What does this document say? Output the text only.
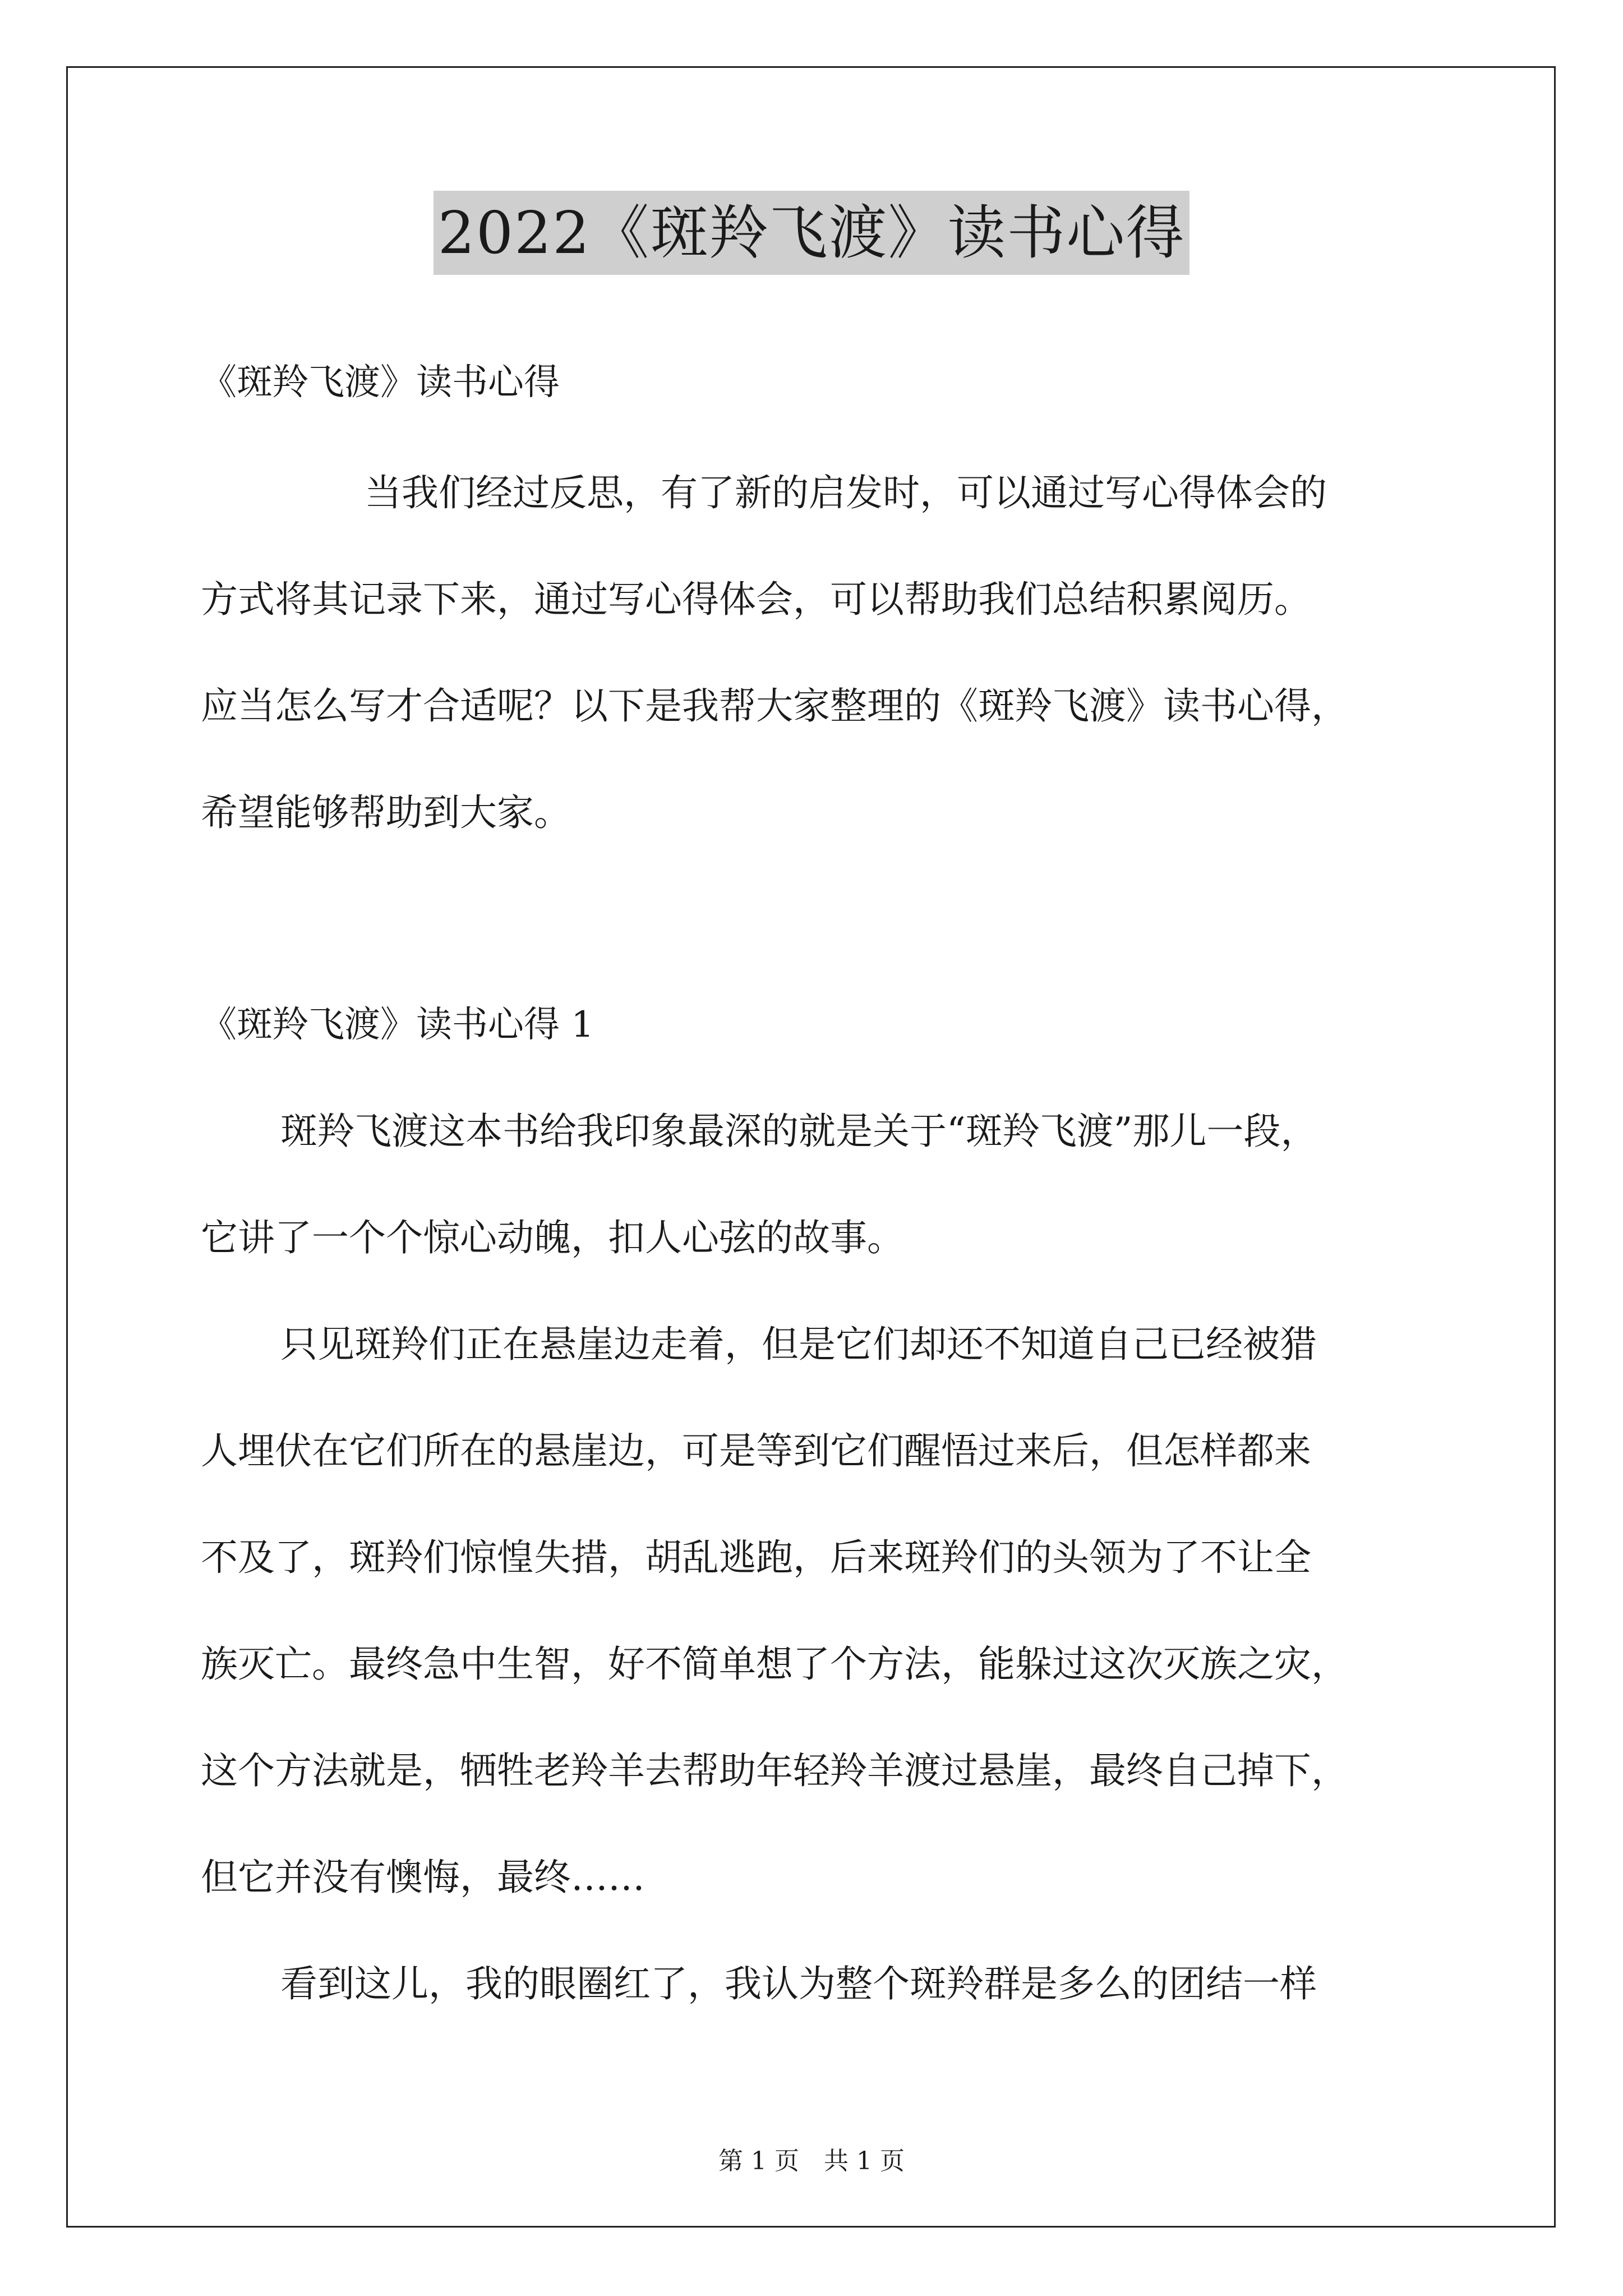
2022《斑羚飞渡》读书心得
《斑羚飞渡》读书心得
当我们经过反思，有了新的启发时，可以通过写心得体会的
方式将其记录下来，通过写心得体会，可以帮助我们总结积累阅历。
应当怎么写才合适呢？以下是我帮大家整理的《斑羚飞渡》读书心得，
希望能够帮助到大家。
《斑羚飞渡》读书心得 1
斑羚飞渡这本书给我印象最深的就是关于“斑羚飞渡”那儿一段，
它讲了一个个惊心动魄，扣人心弦的故事。
只见斑羚们正在悬崖边走着，但是它们却还不知道自己已经被猎
人埋伏在它们所在的悬崖边，可是等到它们醒悟过来后，但怎样都来
不及了，斑羚们惊惶失措，胡乱逃跑，后来斑羚们的头领为了不让全
族灭亡。最终急中生智，好不简单想了个方法，能躲过这次灭族之灾，
这个方法就是，牺牲老羚羊去帮助年轻羚羊渡过悬崖，最终自己掉下，
但它并没有懊悔，最终……
看到这儿，我的眼圈红了，我认为整个斑羚群是多么的团结一样
第 1 页　共 1 页
